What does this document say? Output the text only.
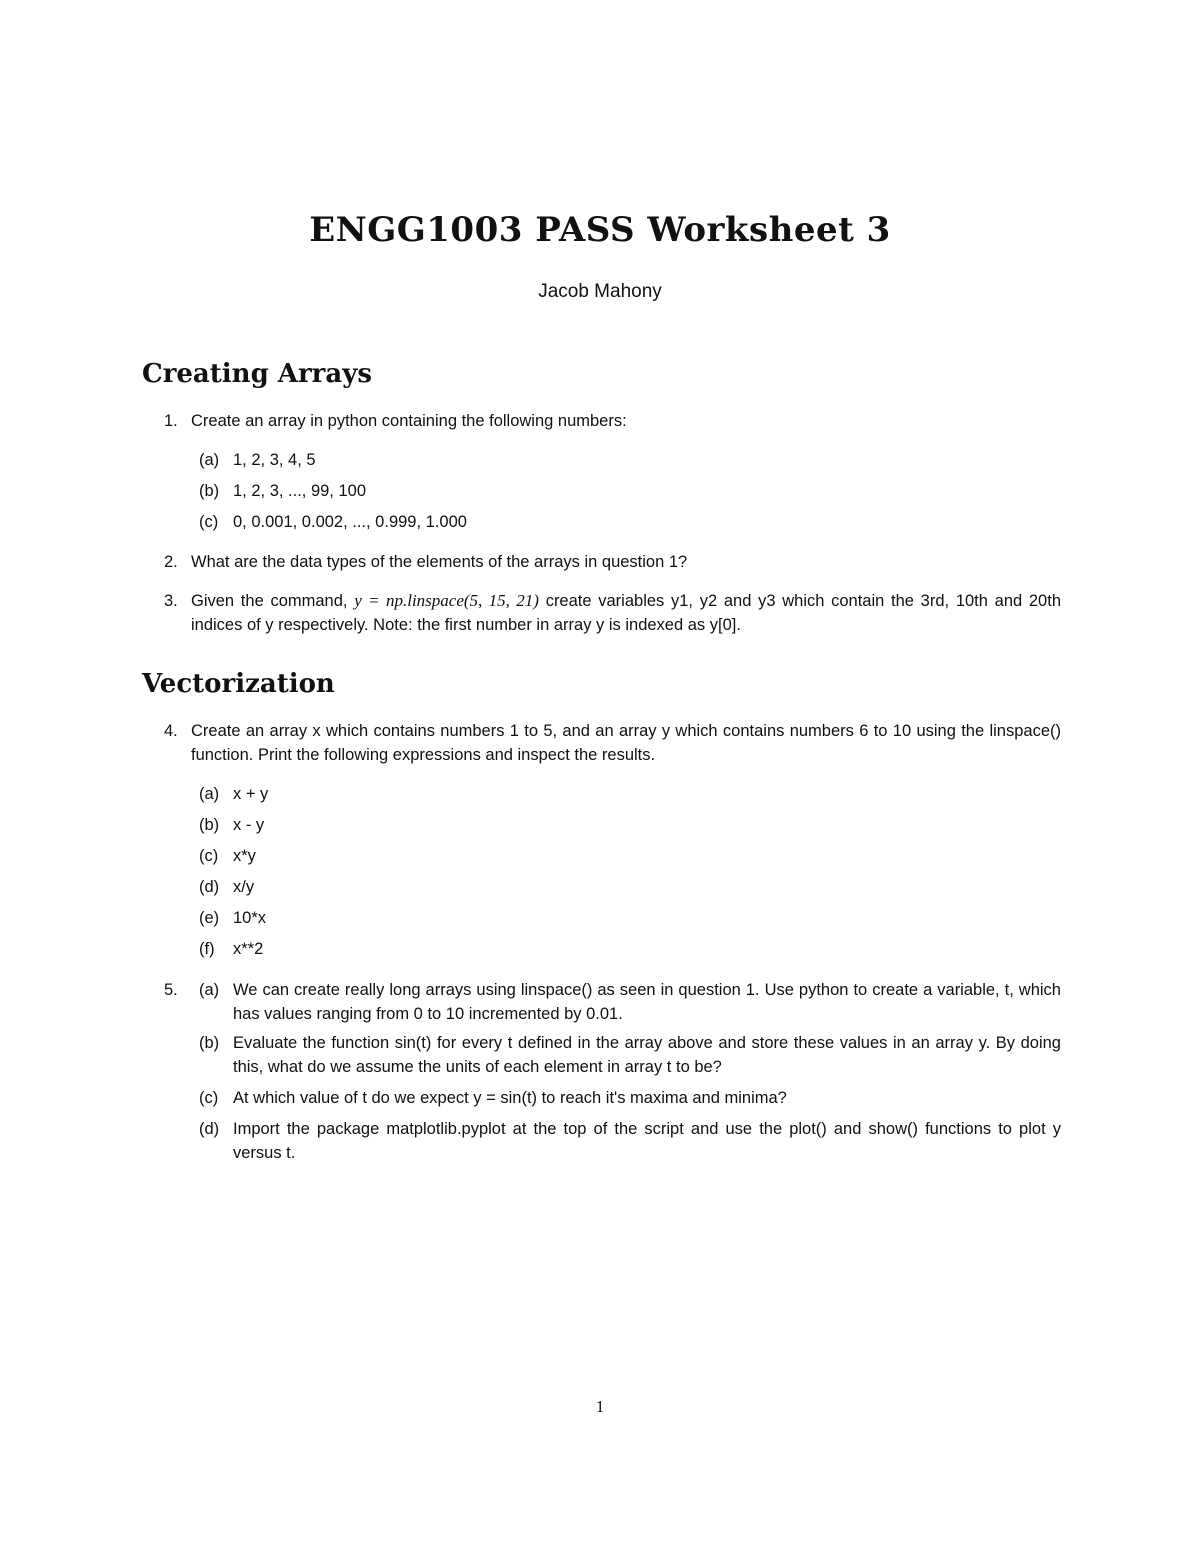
ENGG1003 PASS Worksheet 3
Jacob Mahony
Creating Arrays
1. Create an array in python containing the following numbers:
(a) 1, 2, 3, 4, 5
(b) 1, 2, 3, ..., 99, 100
(c) 0, 0.001, 0.002, ..., 0.999, 1.000
2. What are the data types of the elements of the arrays in question 1?
3. Given the command, y = np.linspace(5, 15, 21) create variables y1, y2 and y3 which contain the 3rd, 10th and 20th indices of y respectively. Note: the first number in array y is indexed as y[0].
Vectorization
4. Create an array x which contains numbers 1 to 5, and an array y which contains numbers 6 to 10 using the linspace() function. Print the following expressions and inspect the results.
(a) x + y
(b) x - y
(c) x*y
(d) x/y
(e) 10*x
(f)	x**2
5.	(a) We can create really long arrays using linspace() as seen in question 1. Use python to create a variable, t, which has values ranging from 0 to 10 incremented by 0.01.
(b) Evaluate the function sin(t) for every t defined in the array above and store these values in an array y. By doing this, what do we assume the units of each element in array t to be?
(c) At which value of t do we expect y = sin(t) to reach it's maxima and minima?
(d) Import the package matplotlib.pyplot at the top of the script and use the plot() and show() functions to plot y versus t.
1
